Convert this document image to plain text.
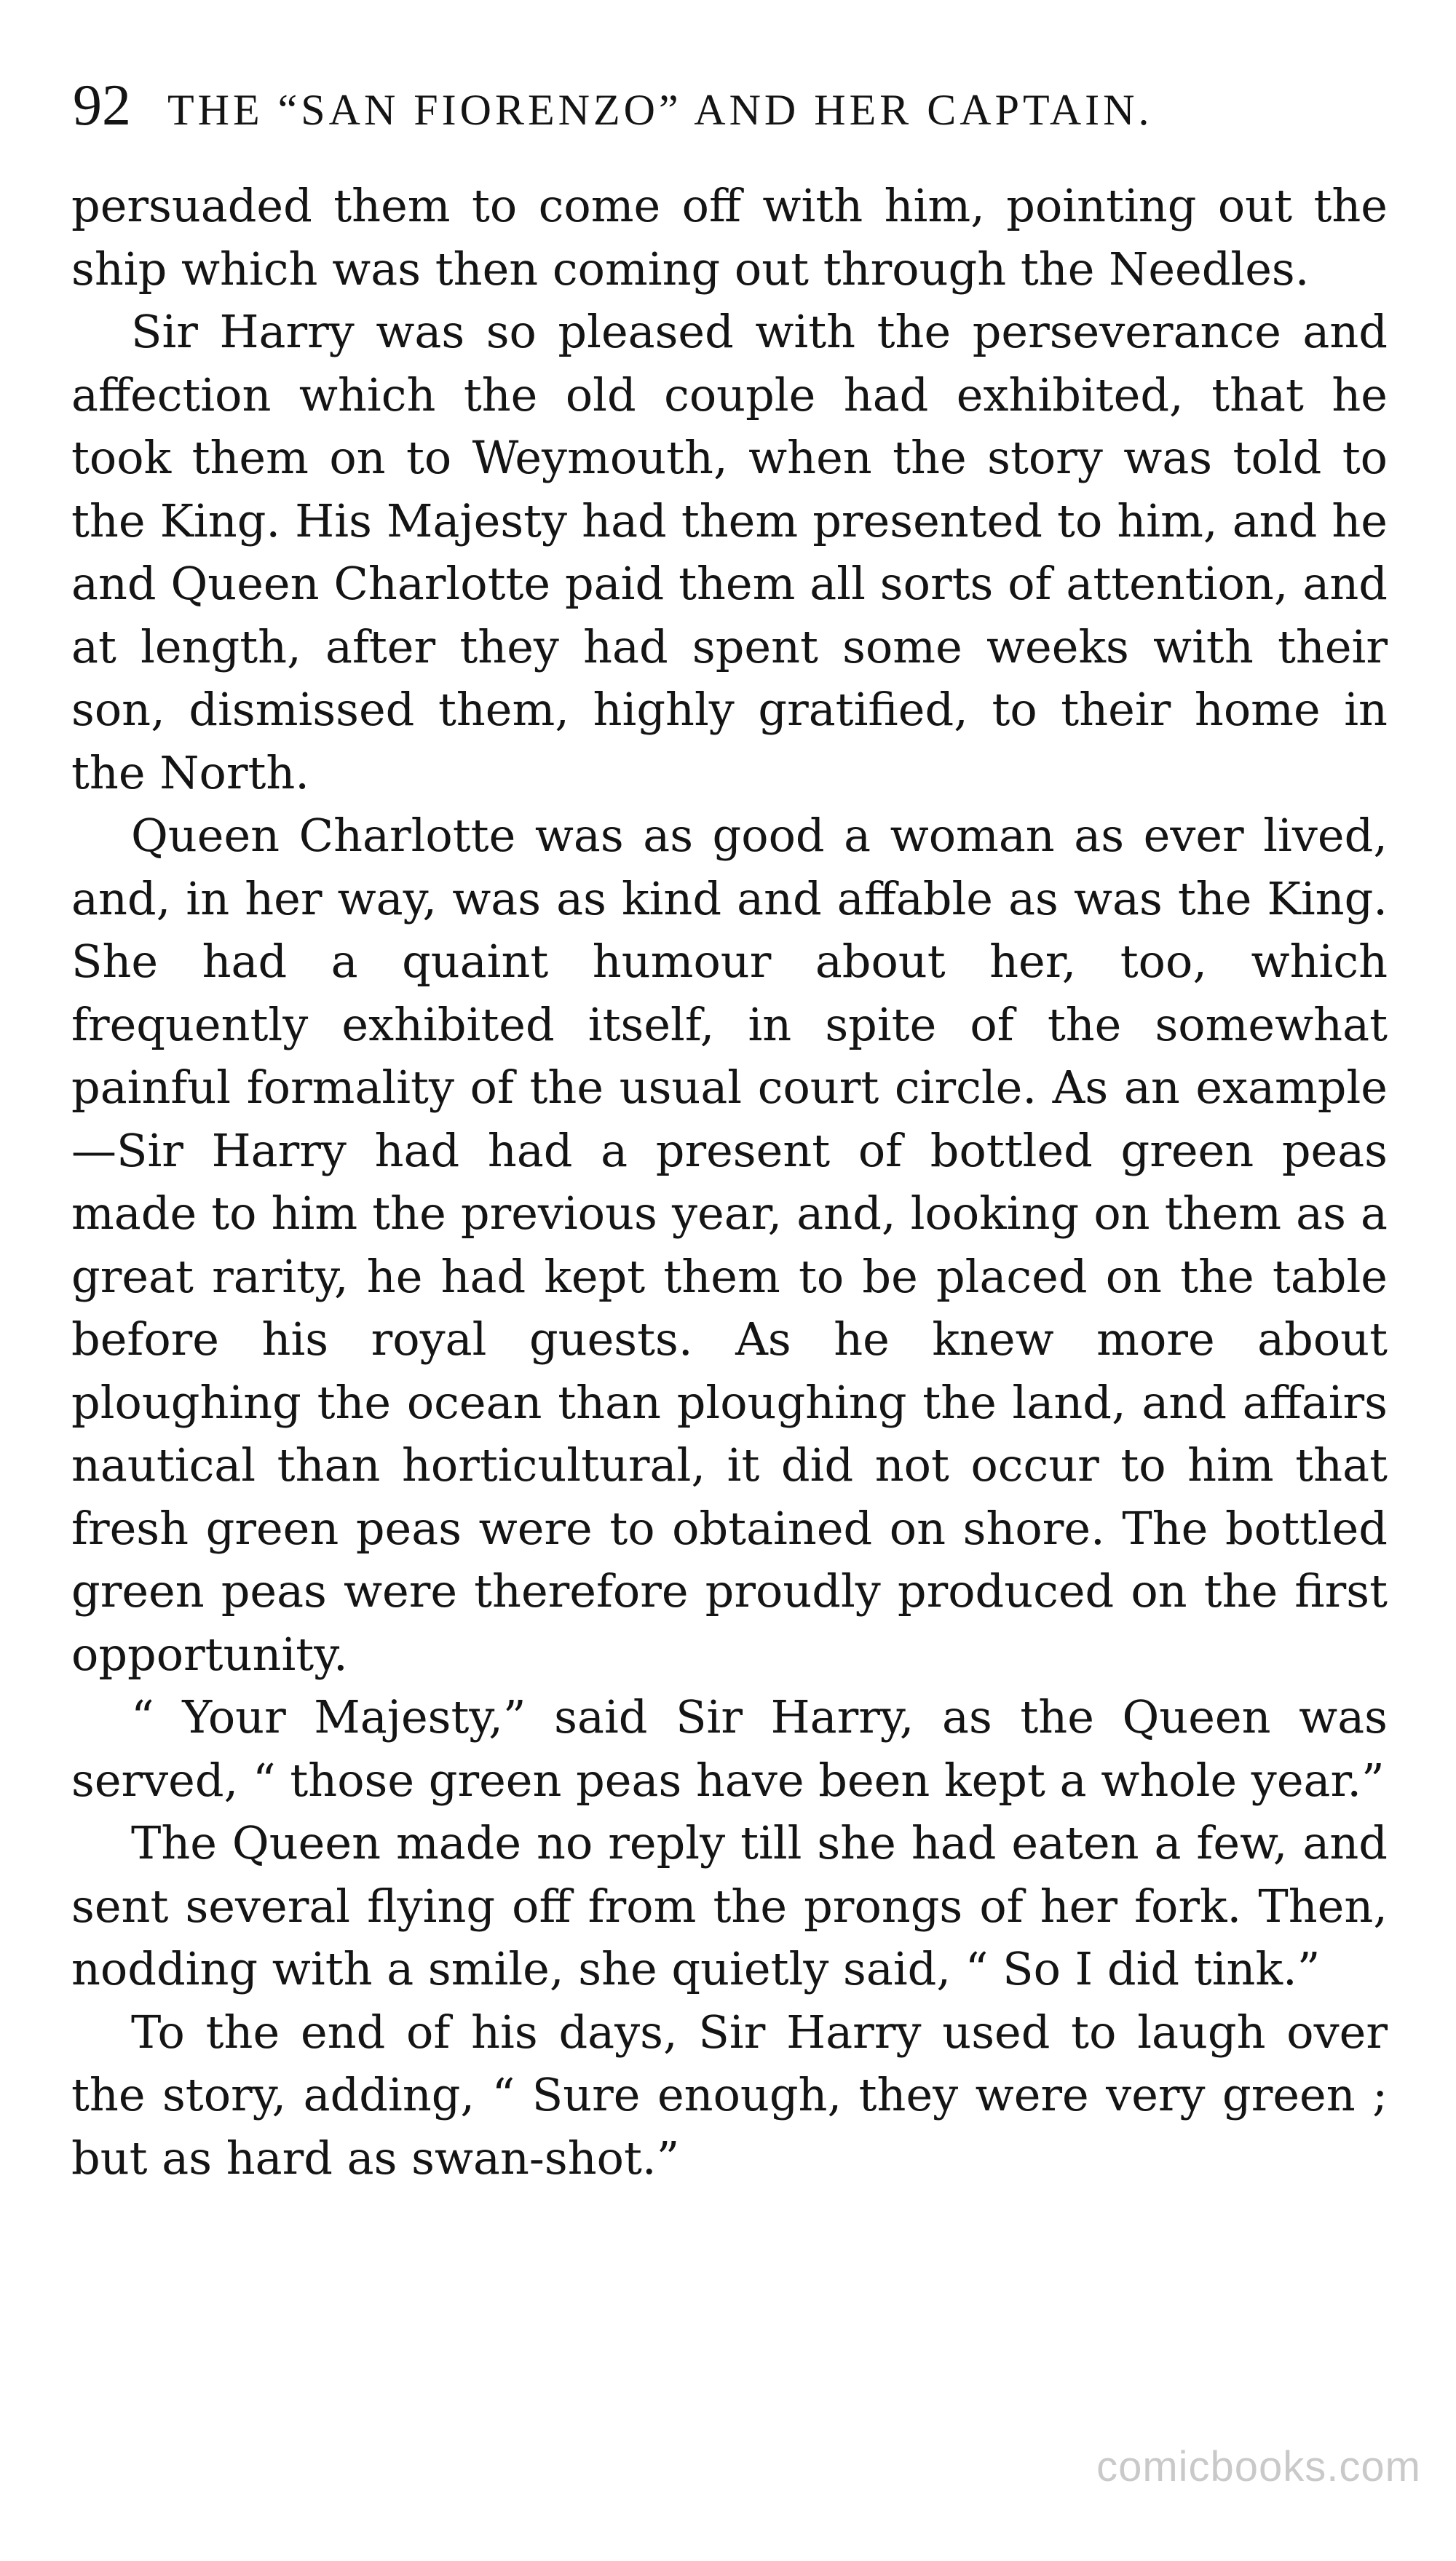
92 THE “SAN FIORENZO” AND HER CAPTAIN.

persuaded them to come off with him, pointing out the ship which was then coming out through the Needles.

Sir Harry was so pleased with the perseverance and affection which the old couple had exhibited, that he took them on to Weymouth, when the story was told to the King. His Majesty had them presented to him, and he and Queen Charlotte paid them all sorts of attention, and at length, after they had spent some weeks with their son, dismissed them, highly gratified, to their home in the North.

Queen Charlotte was as good a woman as ever lived, and, in her way, was as kind and affable as was the King. She had a quaint humour about her, too, which frequently exhibited itself, in spite of the somewhat painful formality of the usual court circle. As an example—Sir Harry had had a present of bottled green peas made to him the previous year, and, looking on them as a great rarity, he had kept them to be placed on the table before his royal guests. As he knew more about ploughing the ocean than ploughing the land, and affairs nautical than horticultural, it did not occur to him that fresh green peas were to obtained on shore. The bottled green peas were therefore proudly produced on the first opportunity.

“ Your Majesty,” said Sir Harry, as the Queen was served, “ those green peas have been kept a whole year.”

The Queen made no reply till she had eaten a few, and sent several flying off from the prongs of her fork. Then, nodding with a smile, she quietly said, “ So I did tink.”

To the end of his days, Sir Harry used to laugh over the story, adding, “ Sure enough, they were very green ; but as hard as swan-shot.”

comicbooks.com
